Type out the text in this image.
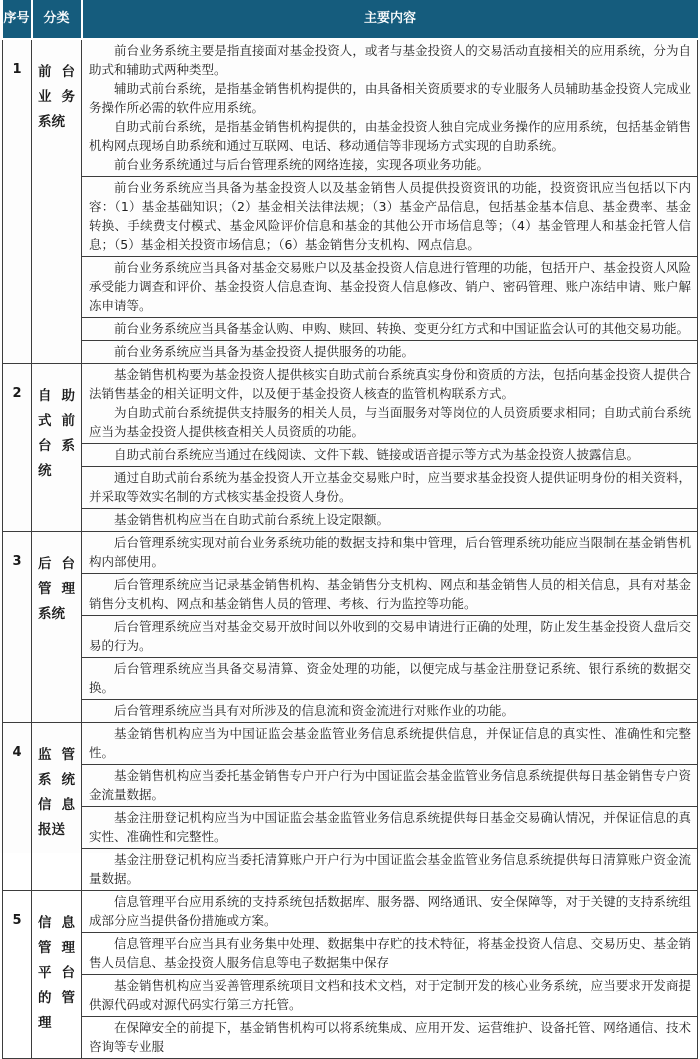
序号	分类	主要内容
1	前台业务系统	前台业务系统主要是指直接面对基金投资人，或者与基金投资人的交易活动直接相关的应用系统，分为自助式和辅助式两种类型。

辅助式前台系统，是指基金销售机构提供的，由具备相关资质要求的专业服务人员辅助基金投资人完成业务操作所必需的软件应用系统。

自助式前台系统，是指基金销售机构提供的，由基金投资人独自完成业务操作的应用系统，包括基金销售机构网点现场自助系统和通过互联网、电话、移动通信等非现场方式实现的自助系统。

前台业务系统通过与后台管理系统的网络连接，实现各项业务功能。

		前台业务系统应当具备为基金投资人以及基金销售人员提供投资资讯的功能，投资资讯应当包括以下内容：（1）基金基础知识；（2）基金相关法律法规；（3）基金产品信息，包括基金基本信息、基金费率、基金转换、手续费支付模式、基金风险评价信息和基金的其他公开市场信息等；（4）基金管理人和基金托管人信息；（5）基金相关投资市场信息；（6）基金销售分支机构、网点信息。

		前台业务系统应当具备对基金交易账户以及基金投资人信息进行管理的功能，包括开户、基金投资人风险承受能力调查和评价、基金投资人信息查询、基金投资人信息修改、销户、密码管理、账户冻结申请、账户解冻申请等。

		前台业务系统应当具备基金认购、申购、赎回、转换、变更分红方式和中国证监会认可的其他交易功能。

		前台业务系统应当具备为基金投资人提供服务的功能。

2	自助式前台系统	基金销售机构要为基金投资人提供核实自助式前台系统真实身份和资质的方法，包括向基金投资人提供合法销售基金的相关证明文件，以及便于基金投资人核查的监管机构联系方式。

为自助式前台系统提供支持服务的相关人员，与当面服务对等岗位的人员资质要求相同；自助式前台系统应当为基金投资人提供核查相关人员资质的功能。

		自助式前台系统应当通过在线阅读、文件下载、链接或语音提示等方式为基金投资人披露信息。

		通过自助式前台系统为基金投资人开立基金交易账户时，应当要求基金投资人提供证明身份的相关资料，并采取等效实名制的方式核实基金投资人身份。

		基金销售机构应当在自助式前台系统上设定限额。

3	后台管理系统	后台管理系统实现对前台业务系统功能的数据支持和集中管理，后台管理系统功能应当限制在基金销售机构内部使用。

		后台管理系统应当记录基金销售机构、基金销售分支机构、网点和基金销售人员的相关信息，具有对基金销售分支机构、网点和基金销售人员的管理、考核、行为监控等功能。

		后台管理系统应当对基金交易开放时间以外收到的交易申请进行正确的处理，防止发生基金投资人盘后交易的行为。

		后台管理系统应当具备交易清算、资金处理的功能，以便完成与基金注册登记系统、银行系统的数据交换。

		后台管理系统应当具有对所涉及的信息流和资金流进行对账作业的功能。

4	监管系统信息报送	基金销售机构应当为中国证监会基金监管业务信息系统提供信息，并保证信息的真实性、准确性和完整性。

		基金销售机构应当委托基金销售专户开户行为中国证监会基金监管业务信息系统提供每日基金销售专户资金流量数据。

		基金注册登记机构应当为中国证监会基金监管业务信息系统提供每日基金交易确认情况，并保证信息的真实性、准确性和完整性。

		基金注册登记机构应当委托清算账户开户行为中国证监会基金监管业务信息系统提供每日清算账户资金流量数据。

5	信息管理平台的管理	信息管理平台应用系统的支持系统包括数据库、服务器、网络通讯、安全保障等，对于关键的支持系统组成部分应当提供备份措施或方案。

		信息管理平台应当具有业务集中处理、数据集中存贮的技术特征，将基金投资人信息、交易历史、基金销售人员信息、基金投资人服务信息等电子数据集中保存

		基金销售机构应当妥善管理系统项目文档和技术文档，对于定制开发的核心业务系统，应当要求开发商提供源代码或对源代码实行第三方托管。

		在保障安全的前提下，基金销售机构可以将系统集成、应用开发、运营维护、设备托管、网络通信、技术咨询等专业服
